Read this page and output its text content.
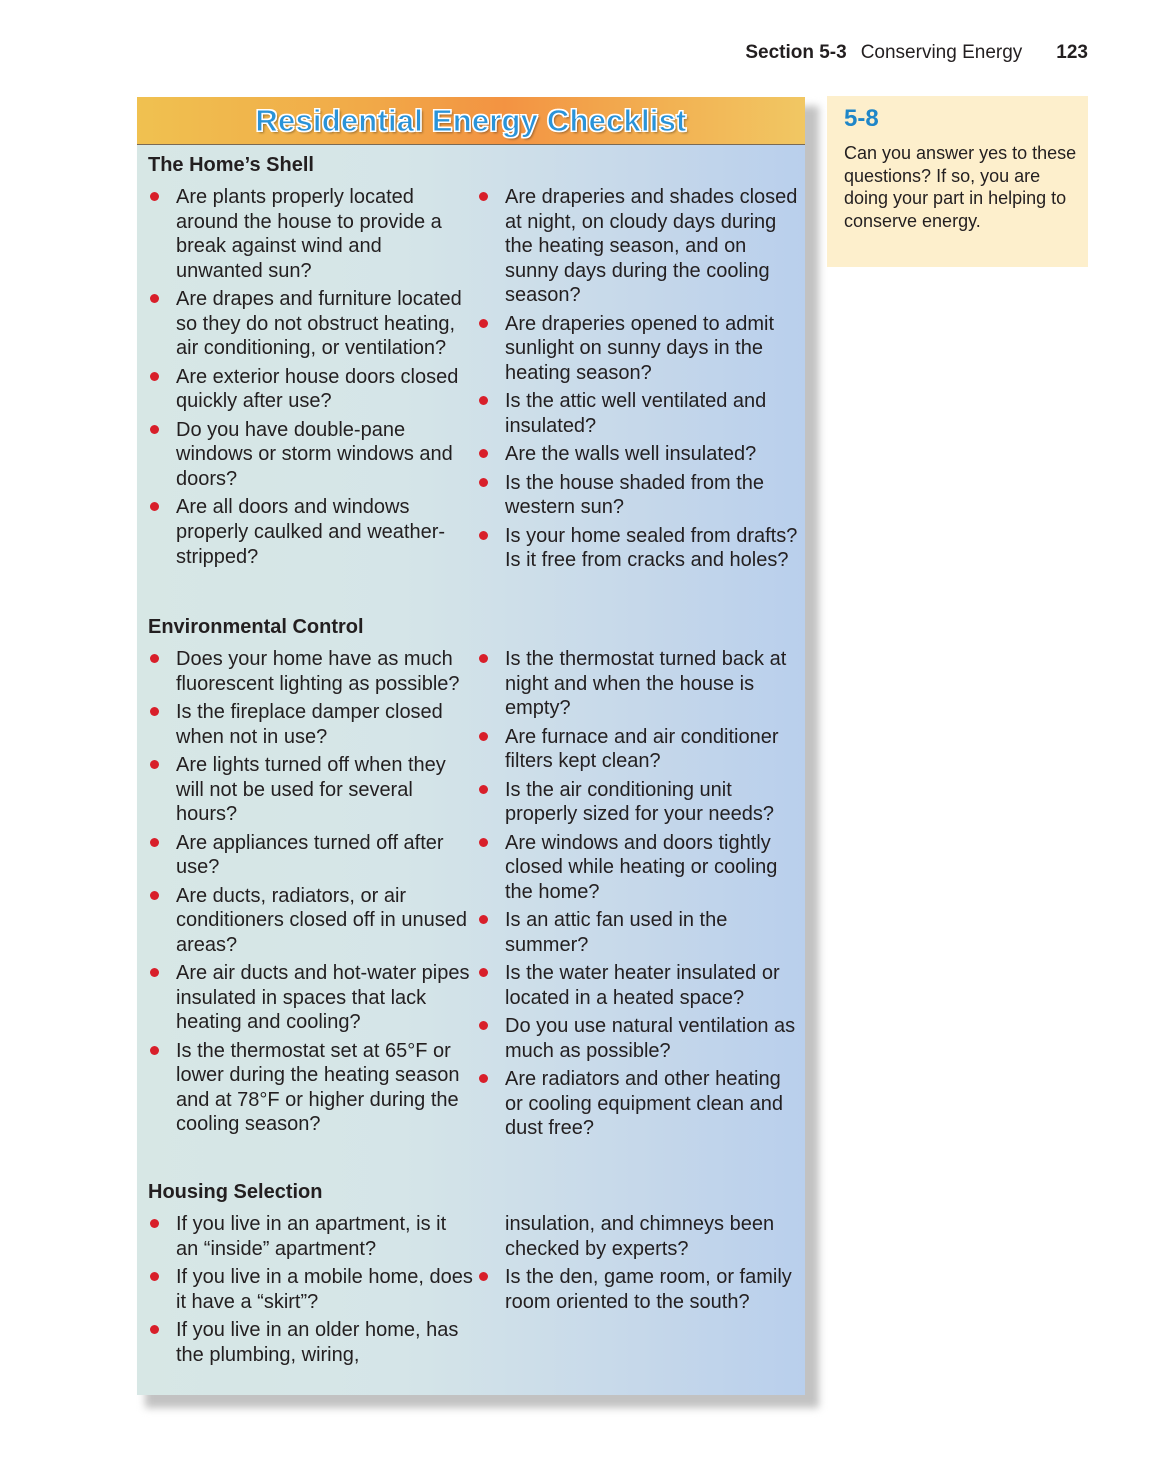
Section 5-3 Conserving Energy 123
Residential Energy Checklist
The Home’s Shell
Are plants properly located around the house to provide a break against wind and unwanted sun?
Are drapes and furniture located so they do not obstruct heating, air conditioning, or ventilation?
Are exterior house doors closed quickly after use?
Do you have double-pane windows or storm windows and doors?
Are all doors and windows properly caulked and weather-stripped?
Are draperies and shades closed at night, on cloudy days during the heating season, and on sunny days during the cooling season?
Are draperies opened to admit sunlight on sunny days in the heating season?
Is the attic well ventilated and insulated?
Are the walls well insulated?
Is the house shaded from the western sun?
Is your home sealed from drafts? Is it free from cracks and holes?
Environmental Control
Does your home have as much fluorescent lighting as possible?
Is the fireplace damper closed when not in use?
Are lights turned off when they will not be used for several hours?
Are appliances turned off after use?
Are ducts, radiators, or air conditioners closed off in unused areas?
Are air ducts and hot-water pipes insulated in spaces that lack heating and cooling?
Is the thermostat set at 65°F or lower during the heating season and at 78°F or higher during the cooling season?
Is the thermostat turned back at night and when the house is empty?
Are furnace and air conditioner filters kept clean?
Is the air conditioning unit properly sized for your needs?
Are windows and doors tightly closed while heating or cooling the home?
Is an attic fan used in the summer?
Is the water heater insulated or located in a heated space?
Do you use natural ventilation as much as possible?
Are radiators and other heating or cooling equipment clean and dust free?
Housing Selection
If you live in an apartment, is it an “inside” apartment?
If you live in a mobile home, does it have a “skirt”?
If you live in an older home, has the plumbing, wiring,
insulation, and chimneys been checked by experts?
Is the den, game room, or family room oriented to the south?

5-8

Can you answer yes to these questions? If so, you are doing your part in helping to conserve energy.
